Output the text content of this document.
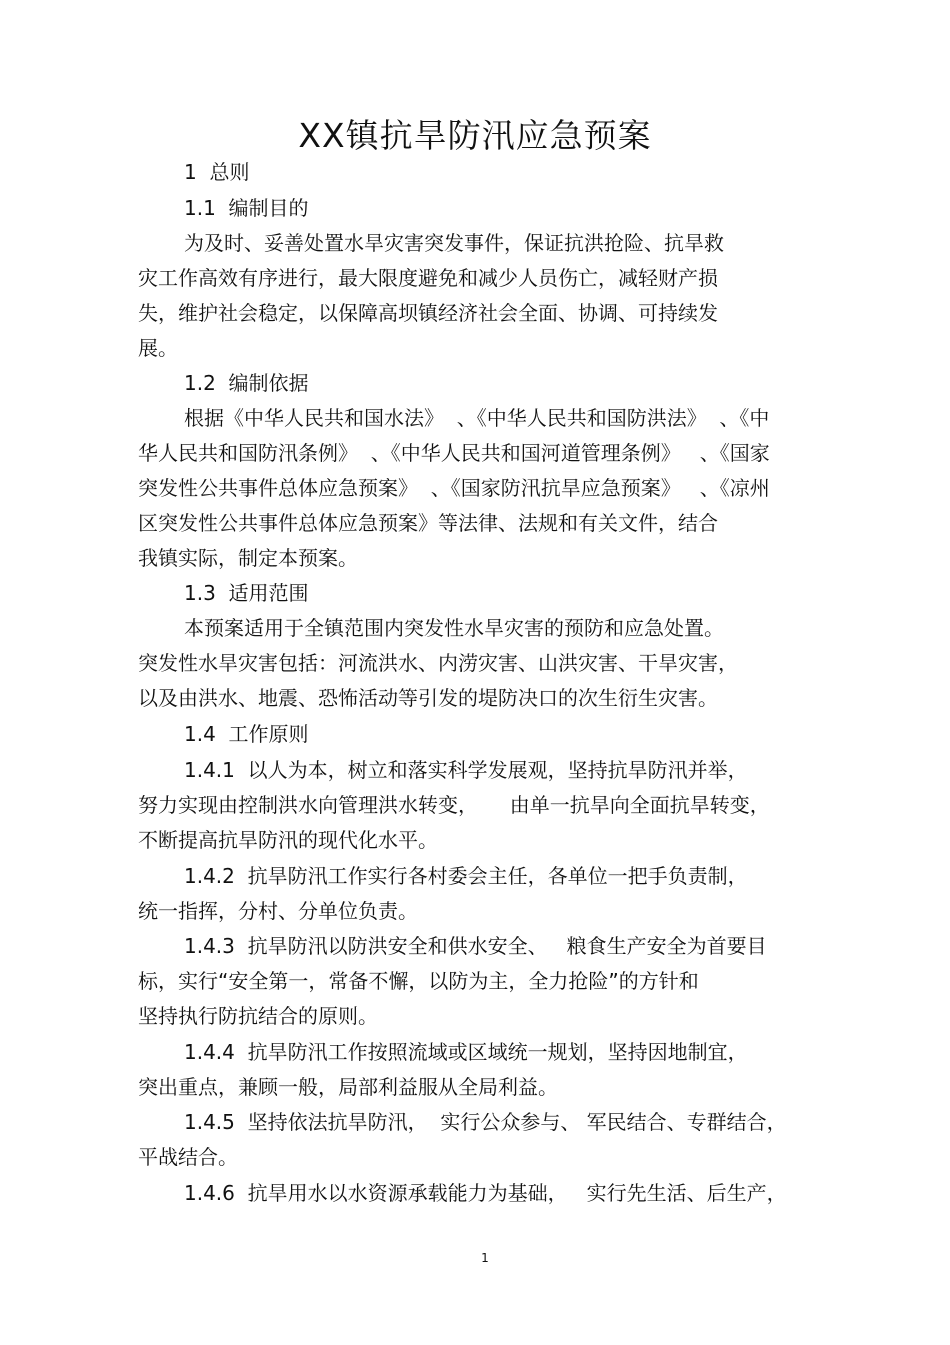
XX镇抗旱防汛应急预案
1  总则
1.1  编制目的
为及时、妥善处置水旱灾害突发事件，保证抗洪抢险、抗旱救
灾工作高效有序进行，最大限度避免和减少人员伤亡，减轻财产损
失，维护社会稳定，以保障高坝镇经济社会全面、协调、可持续发
展。
1.2  编制依据
根据《中华人民共和国水法》  、《中华人民共和国防洪法》  、《中
华人民共和国防汛条例》  、《中华人民共和国河道管理条例》   、《国家
突发性公共事件总体应急预案》  、《国家防汛抗旱应急预案》   、《凉州
区突发性公共事件总体应急预案》等法律、法规和有关文件，结合
我镇实际，制定本预案。
1.3  适用范围
本预案适用于全镇范围内突发性水旱灾害的预防和应急处置。
突发性水旱灾害包括：河流洪水、内涝灾害、山洪灾害、干旱灾害，
以及由洪水、地震、恐怖活动等引发的堤防决口的次生衍生灾害。
1.4  工作原则
1.4.1  以人为本，树立和落实科学发展观，坚持抗旱防汛并举，
努力实现由控制洪水向管理洪水转变，     由单一抗旱向全面抗旱转变，
不断提高抗旱防汛的现代化水平。
1.4.2  抗旱防汛工作实行各村委会主任，各单位一把手负责制，
统一指挥，分村、分单位负责。
1.4.3  抗旱防汛以防洪安全和供水安全、   粮食生产安全为首要目
标，实行“安全第一，常备不懈，以防为主，全力抢险”的方针和
坚持执行防抗结合的原则。
1.4.4  抗旱防汛工作按照流域或区域统一规划，坚持因地制宜，
突出重点，兼顾一般，局部利益服从全局利益。
1.4.5  坚持依法抗旱防汛，  实行公众参与、 军民结合、专群结合，
平战结合。
1.4.6  抗旱用水以水资源承载能力为基础，   实行先生活、后生产，
1
